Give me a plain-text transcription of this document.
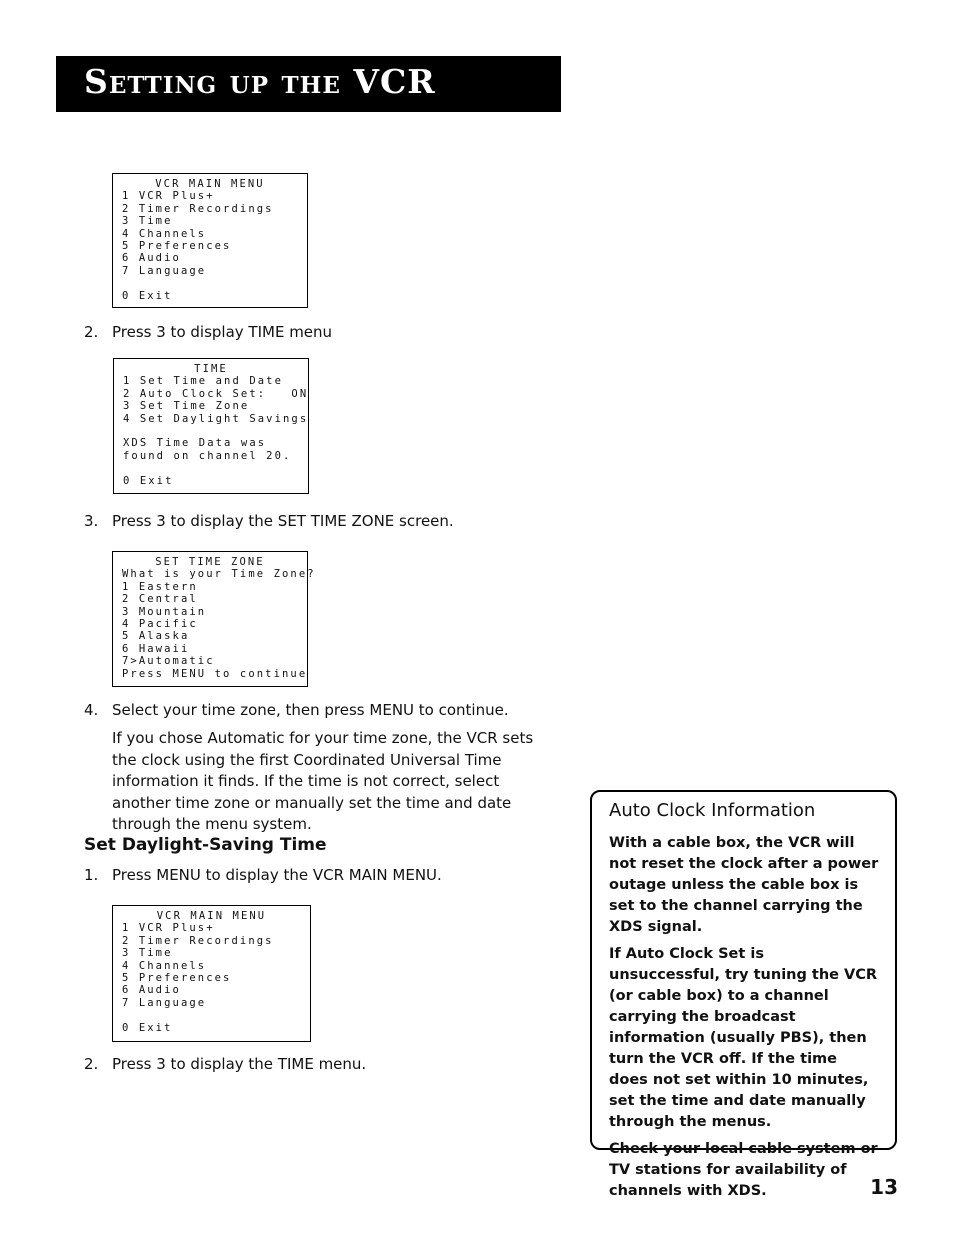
Setting up the VCR
VCR MAIN MENU
1 VCR Plus+
2 Timer Recordings
3 Time
4 Channels
5 Preferences
6 Audio
7 Language
0 Exit
2. Press 3 to display TIME menu
TIME
1 Set Time and Date
2 Auto Clock Set:   ON
3 Set Time Zone
4 Set Daylight Savings
XDS Time Data was
found on channel 20.
0 Exit
3. Press 3 to display the SET TIME ZONE screen.
SET TIME ZONE
What is your Time Zone?
1 Eastern
2 Central
3 Mountain
4 Pacific
5 Alaska
6 Hawaii
7>Automatic
Press MENU to continue
4. Select your time zone, then press MENU to continue.
If you chose Automatic for your time zone, the VCR sets the clock using the first Coordinated Universal Time information it finds. If the time is not correct, select another time zone or manually set the time and date through the menu system.
Set Daylight-Saving Time
1. Press MENU to display the VCR MAIN MENU.
VCR MAIN MENU
1 VCR Plus+
2 Timer Recordings
3 Time
4 Channels
5 Preferences
6 Audio
7 Language
0 Exit
2. Press 3 to display the TIME menu.
Auto Clock Information

With a cable box, the VCR will not reset the clock after a power outage unless the cable box is set to the channel carrying the XDS signal.

If Auto Clock Set is unsuccessful, try tuning the VCR (or cable box) to a channel carrying the broadcast information (usually PBS), then turn the VCR off. If the time does not set within 10 minutes, set the time and date manually through the menus.

Check your local cable system or TV stations for availability of channels with XDS.	13
